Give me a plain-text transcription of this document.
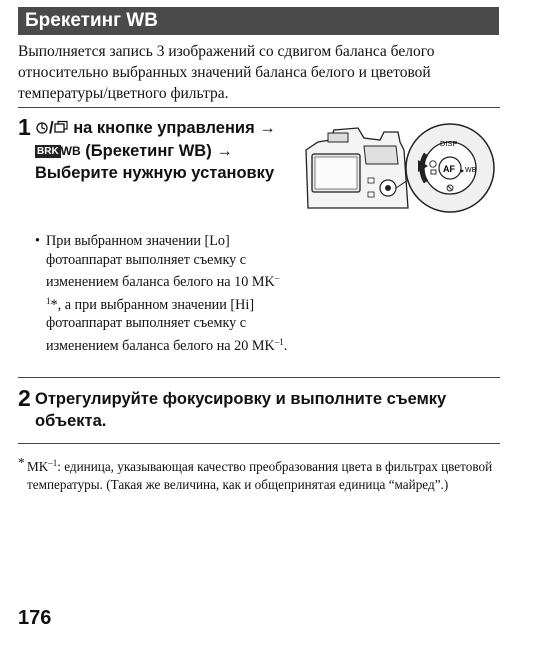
Брекетинг WB
Выполняется запись 3 изображений со сдвигом баланса белого относительно выбранных значений баланса белого и цветовой температуры/цветного фильтра.
1	/ на кнопке управления →
BRK WB (Брекетинг WB) →
Выберите нужную установку
• При выбранном значении [Lo] фотоаппарат выполняет съемку с изменением баланса белого на 10 $MK^{-1}*$, а при выбранном значении [Hi] фотоаппарат выполняет съемку с изменением баланса белого на 20 $MK^{-1}$.
AF
DISP
WB
2 Отрегулируйте фокусировку и выполните съемку объекта.
* $MK^{-1}$: единица, указывающая качество преобразования цвета в фильтрах цветовой температуры. (Такая же величина, как и общепринятая единица “майред”.)
176
